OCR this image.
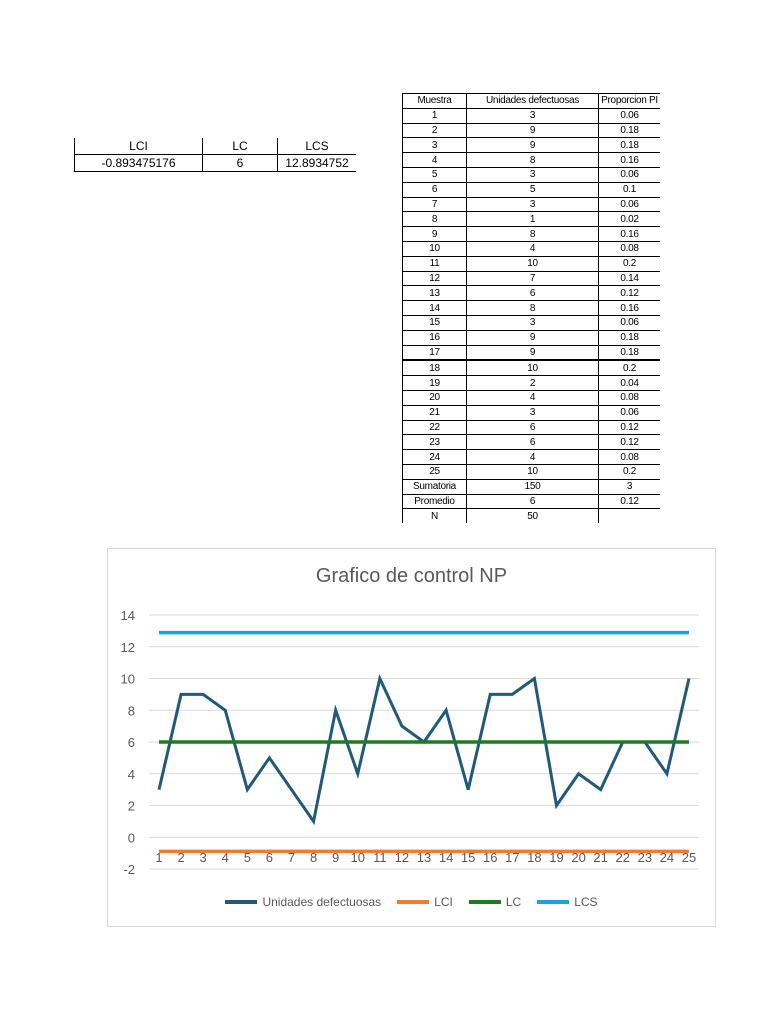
LCI	LC	LCS
-0.893475176	6	12.8934752
Muestra	Unidades defectuosas	Proporcion PI
1	3	0.06
2	9	0.18
3	9	0.18
4	8	0.16
5	3	0.06
6	5	0.1
7	3	0.06
8	1	0.02
9	8	0.16
10	4	0.08
11	10	0.2
12	7	0.14
13	6	0.12
14	8	0.16
15	3	0.06
16	9	0.18
17	9	0.18
18	10	0.2
19	2	0.04
20	4	0.08
21	3	0.06
22	6	0.12
23	6	0.12
24	4	0.08
25	10	0.2
Sumatoria	150	3
Promedio	6	0.12
N	50	
Grafico de control NP
-2
0
2
4
6
8
10
12
14
1 2 3 4 5 6 7 8 9 10 11 12 13 14 15 16 17 18 19 20 21 22 23 24 25
Unidades defectuosas	LCI	LC	LCS
